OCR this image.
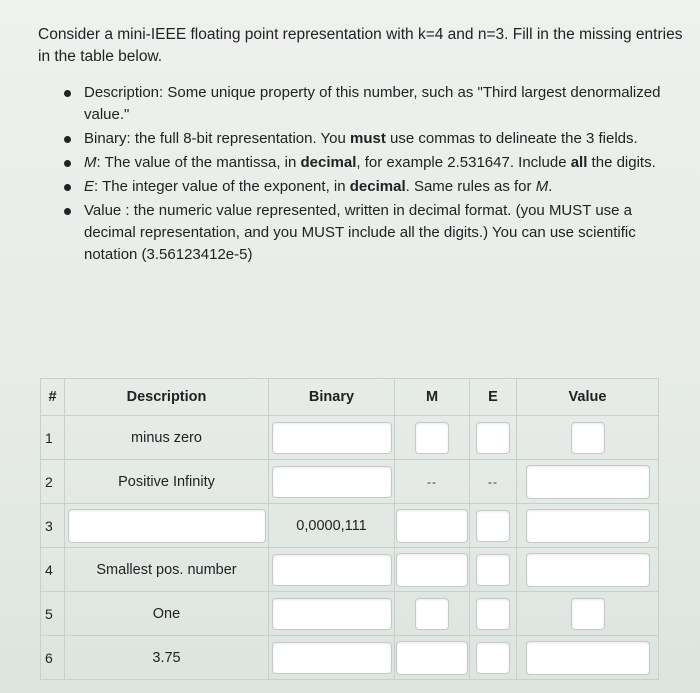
Consider a mini-IEEE floating point representation with k=4 and n=3. Fill in the missing entries in the table below.
Description: Some unique property of this number, such as "Third largest denormalized value."
Binary: the full 8-bit representation. You must use commas to delineate the 3 fields.
M: The value of the mantissa, in decimal, for example 2.531647. Include all the digits.
E: The integer value of the exponent, in decimal. Same rules as for M.
Value : the numeric value represented, written in decimal format. (you MUST use a decimal representation, and you MUST include all the digits.) You can use scientific notation (3.56123412e-5)
#	Description	Binary	M	E	Value
1	minus zero				
2	Positive Infinity		--	--	
3		0,0000,111			
4	Smallest pos. number				
5	One				
6	3.75				
